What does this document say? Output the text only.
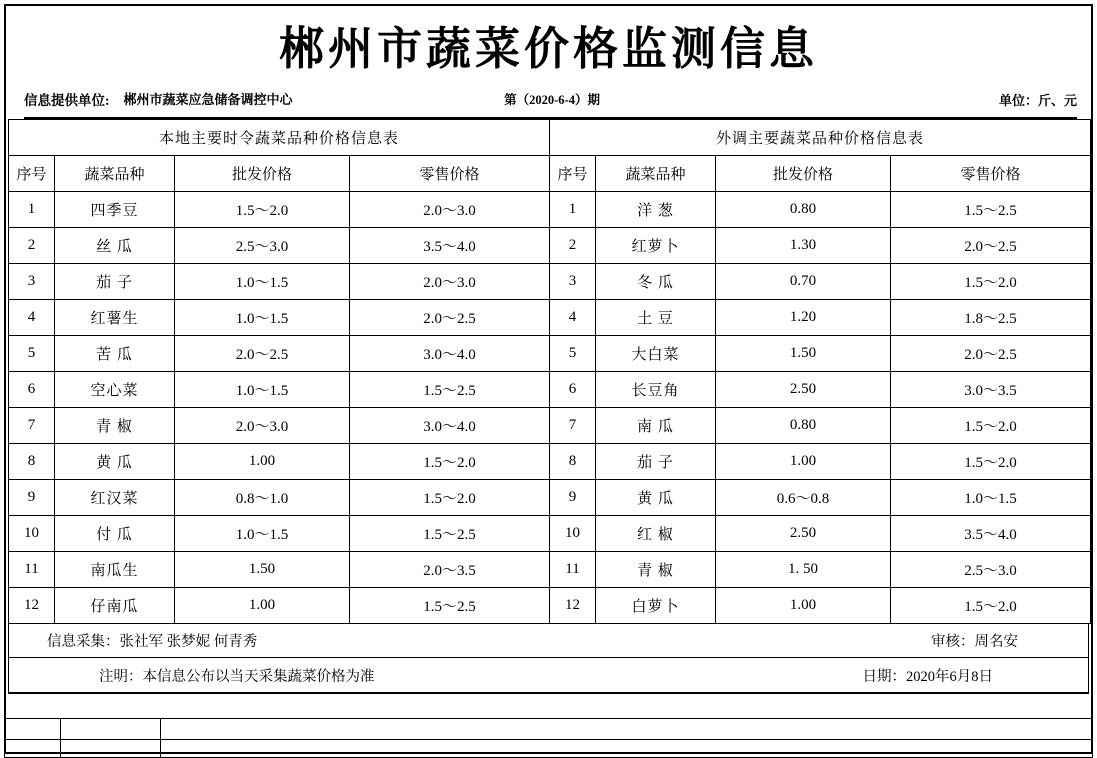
郴州市蔬菜价格监测信息
信息提供单位: 郴州市蔬菜应急储备调控中心	第（2020-6-4）期	单位：斤、元
本地主要时令蔬菜品种价格信息表				外调主要蔬菜品种价格信息表			
序号	蔬菜品种	批发价格	零售价格	序号	蔬菜品种	批发价格	零售价格
1	四季豆	1.5～2.0	2.0～3.0	1	洋 葱	0.80	1.5～2.5
2	丝 瓜	2.5～3.0	3.5～4.0	2	红萝卜	1.30	2.0～2.5
3	茄 子	1.0～1.5	2.0～3.0	3	冬 瓜	0.70	1.5～2.0
4	红薯生	1.0～1.5	2.0～2.5	4	土 豆	1.20	1.8～2.5
5	苦 瓜	2.0～2.5	3.0～4.0	5	大白菜	1.50	2.0～2.5
6	空心菜	1.0～1.5	1.5～2.5	6	长豆角	2.50	3.0～3.5
7	青 椒	2.0～3.0	3.0～4.0	7	南 瓜	0.80	1.5～2.0
8	黄 瓜	1.00	1.5～2.0	8	茄 子	1.00	1.5～2.0
9	红汉菜	0.8～1.0	1.5～2.0	9	黄 瓜	0.6～0.8	1.0～1.5
10	付 瓜	1.0～1.5	1.5～2.5	10	红 椒	2.50	3.5～4.0
11	南瓜生	1.50	2.0～3.5	11	青 椒	1. 50	2.5～3.0
12	仔南瓜	1.00	1.5～2.5	12	白萝卜	1.00	1.5～2.0
信息采集：张社军 张梦妮 何青秀	审核：周名安
注明：本信息公布以当天采集蔬菜价格为准	日期：2020年6月8日
